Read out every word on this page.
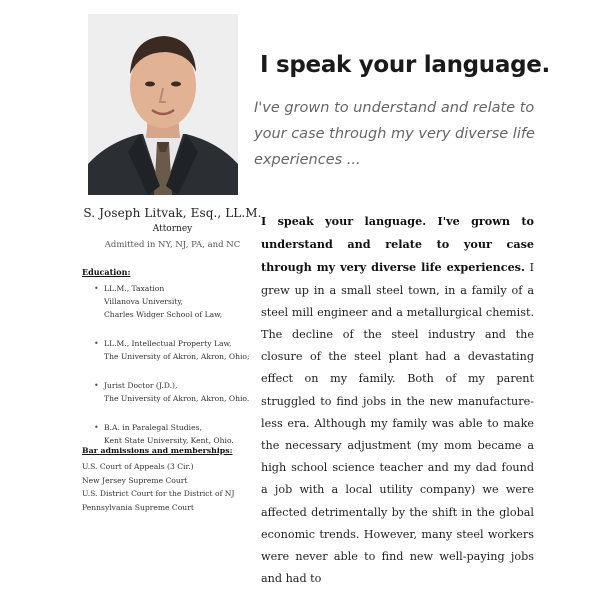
S. Joseph Litvak, Esq., LL.M.
Attorney
Admitted in NY, NJ, PA, and NC
Education:
• LL.M., Taxation
Villanova University,
Charles Widger School of Law,
• LL.M., Intellectual Property Law,
The University of Akron, Akron, Ohio;
• Jurist Doctor (J.D.),
The University of Akron, Akron, Ohio.
• B.A. in Paralegal Studies,
Kent State University, Kent, Ohio.
Bar admissions and memberships:
U.S. Court of Appeals (3 Cir.)
New Jersey Supreme Court
U.S. District Court for the District of NJ
Pennsylvania Supreme Court
I speak your language.
I've grown to understand and relate to your case through my very diverse life experiences ...
I speak your language. I've grown to understand and relate to your case through my very diverse life experiences. I grew up in a small steel town, in a family of a steel mill engineer and a metallurgical chemist. The decline of the steel industry and the closure of the steel plant had a devastating effect on my family. Both of my parent struggled to find jobs in the new manufacture-less era. Although my family was able to make the necessary adjustment (my mom became a high school science teacher and my dad found a job with a local utility company) we were affected detrimentally by the shift in the global economic trends. However, many steel workers were never able to find new well-paying jobs and had to
